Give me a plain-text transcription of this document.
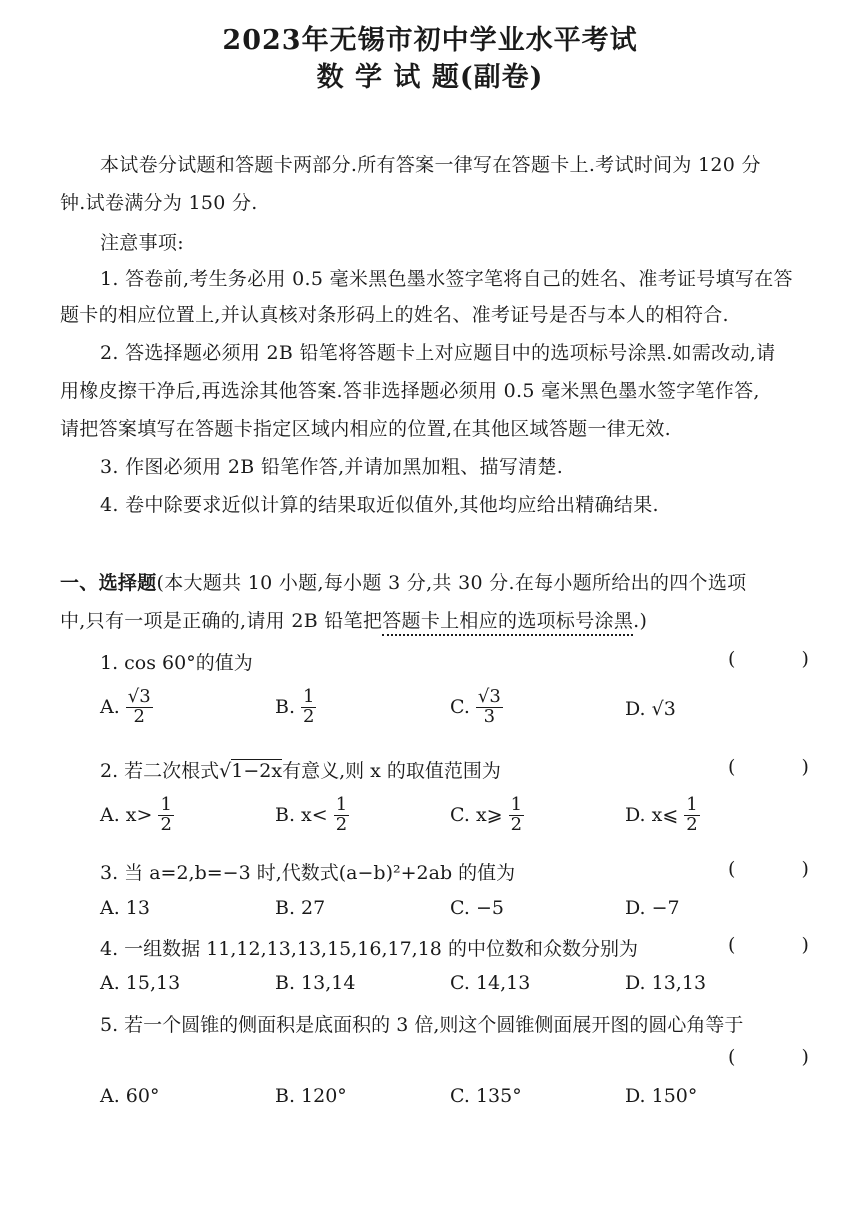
2023年无锡市初中学业水平考试
数 学 试 题(副卷)
本试卷分试题和答题卡两部分.所有答案一律写在答题卡上.考试时间为 120 分
钟.试卷满分为 150 分.
注意事项:
1. 答卷前,考生务必用 0.5 毫米黑色墨水签字笔将自己的姓名、准考证号填写在答
题卡的相应位置上,并认真核对条形码上的姓名、准考证号是否与本人的相符合.
2. 答选择题必须用 2B 铅笔将答题卡上对应题目中的选项标号涂黑.如需改动,请
用橡皮擦干净后,再选涂其他答案.答非选择题必须用 0.5 毫米黑色墨水签字笔作答,
请把答案填写在答题卡指定区域内相应的位置,在其他区域答题一律无效.
3. 作图必须用 2B 铅笔作答,并请加黑加粗、描写清楚.
4. 卷中除要求近似计算的结果取近似值外,其他均应给出精确结果.
一、选择题(本大题共 10 小题,每小题 3 分,共 30 分.在每小题所给出的四个选项
中,只有一项是正确的,请用 2B 铅笔把答题卡上相应的选项标号涂黑.)
1. cos 60°的值为	( )
A. $\frac{√3}{2}$	B. $\frac{1}{2}$	C. $\frac{√3}{3}$	D. √3
2. 若二次根式√1−2x有意义,则 x 的取值范围为	( )
A. $x> \frac{1}{2}$	B. $x< \frac{1}{2}$	C. x⩾ $\frac{1}{2}$	D. x⩽ $\frac{1}{2}$
3. 当 a=2,b=−3 时,代数式(a−b)²+2ab 的值为	( )
A. 13	B. 27	C. −5	D. −7
4. 一组数据 11,12,13,13,15,16,17,18 的中位数和众数分别为	( )
A. 15,13	B. 13,14	C. 14,13	D. 13,13
5. 若一个圆锥的侧面积是底面积的 3 倍,则这个圆锥侧面展开图的圆心角等于
( )
A. 60°	B. 120°	C. 135°	D. 150°
